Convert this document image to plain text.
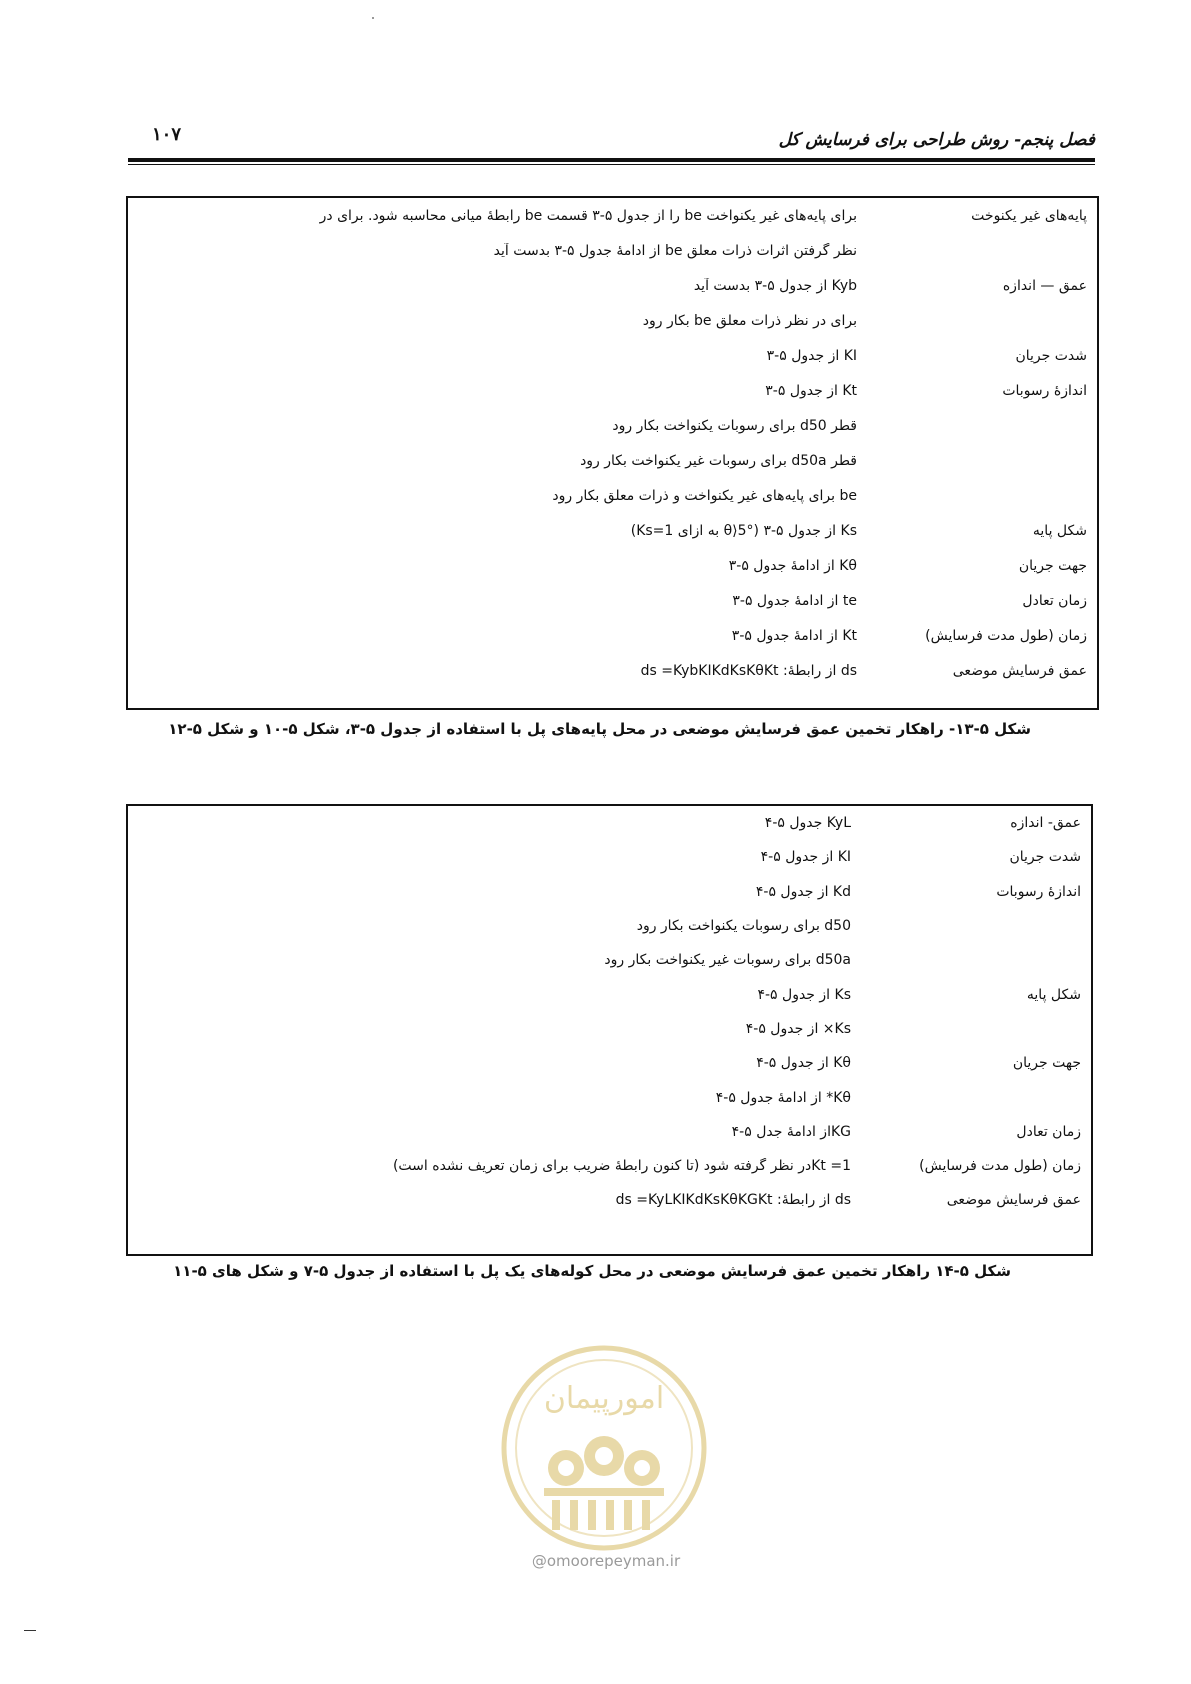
۱۰۷	فصل پنجم- روش طراحی برای فرسایش کل
پایه‌های غیر یکنوخت
برای پایه‌های غیر یکنواخت be را از جدول ۵-۳ قسمت be رابطهٔ میانی محاسبه شود. برای در
نظر گرفتن اثرات ذرات معلق be از ادامهٔ جدول ۵-۳ بدست آید
عمق — اندازه
Kyb از جدول ۵-۳ بدست آید
برای در نظر ذرات معلق be بکار رود
شدت جریان
KI از جدول ۵-۳
اندازهٔ رسوبات
Kt از جدول ۵-۳
قطر d50 برای رسوبات یکنواخت بکار رود
قطر d50a برای رسوبات غیر یکنواخت بکار رود
be برای پایه‌های غیر یکنواخت و ذرات معلق بکار رود
شکل پایه
Ks از جدول ۵-۳ (θ⟩5° به ازای Ks=1)
جهت جریان
Kθ از ادامهٔ جدول ۵-۳
زمان تعادل
te از ادامهٔ جدول ۵-۳
زمان (طول مدت فرسایش)
Kt از ادامهٔ جدول ۵-۳
عمق فرسایش موضعی
ds از رابطهٔ: ds =KybKIKdKsKθKt
شکل ۵-۱۳- راهکار تخمین عمق فرسایش موضعی در محل پایه‌های پل با استفاده از جدول ۵-۳، شکل ۵-۱۰ و شکل ۵-۱۲
عمق- اندازه
KyL جدول ۵-۴
شدت جریان
KI از جدول ۵-۴
اندازهٔ رسوبات
Kd از جدول ۵-۴
d50 برای رسوبات یکنواخت بکار رود
d50a برای رسوبات غیر یکنواخت بکار رود
شکل پایه
Ks از جدول ۵-۴
Ks× از جدول ۵-۴
جهت جریان
Kθ از جدول ۵-۴
Kθ* از ادامهٔ جدول ۵-۴
زمان تعادل
KGاز ادامهٔ جدل ۵-۴
زمان (طول مدت فرسایش)
Kt =1در نظر گرفته شود (تا کنون رابطهٔ ضریب برای زمان تعریف نشده است)
عمق فرسایش موضعی
ds از رابطهٔ: ds =KyLKIKdKsKθKGKt
شکل ۵-۱۴ راهکار تخمین عمق فرسایش موضعی در محل کوله‌های یک پل با استفاده از جدول ۵-۷ و شکل های ۵-۱۱
امورپیمان
@omoorepeyman.ir
